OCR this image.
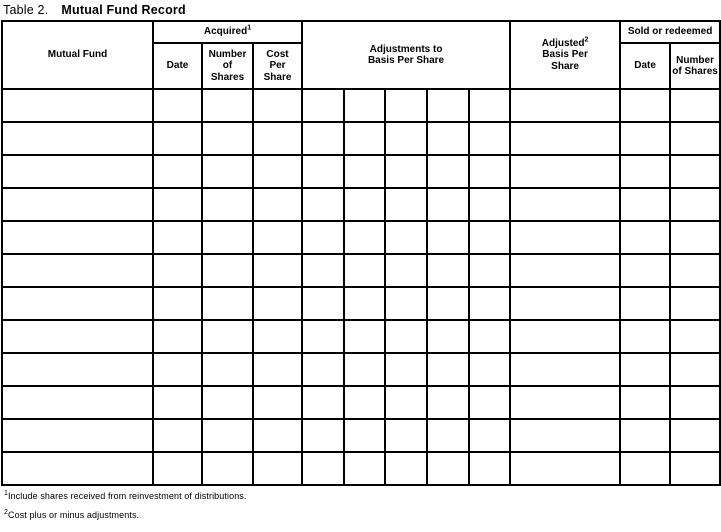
Table 2. Mutual Fund Record
Mutual Fund	Acquired$^1$			Adjustments to Basis Per Share					Adjusted$^2$ Basis Per Share	Sold or redeemed	
	Date	Number of Shares	Cost Per Share							Date	Number of Shares

$^1$Include shares received from reinvestment of distributions.
$^2$Cost plus or minus adjustments.
